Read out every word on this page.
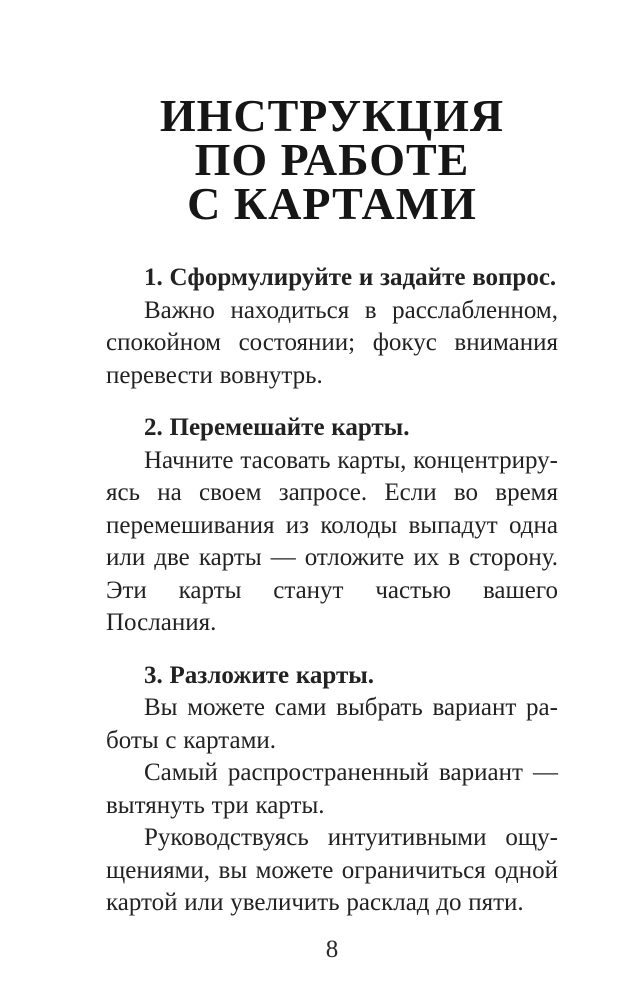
ИНСТРУКЦИЯ
ПО РАБОТЕ
С КАРТАМИ

1. Сформулируйте и задайте вопрос.

Важно находиться в расслабленном, спокойном состоянии; фокус внимания перевести вовнутрь.

2. Перемешайте карты.

Начните тасовать карты, концентрируясь на своем запросе. Если во время перемешивания из колоды выпадут одна или две карты — отложите их в сторону. Эти карты станут частью вашего Послания.

3. Разложите карты.

Вы можете сами выбрать вариант работы с картами.

Самый распространенный вариант — вытянуть три карты.

Руководствуясь интуитивными ощущениями, вы можете ограничиться одной картой или увеличить расклад до пяти.

8
